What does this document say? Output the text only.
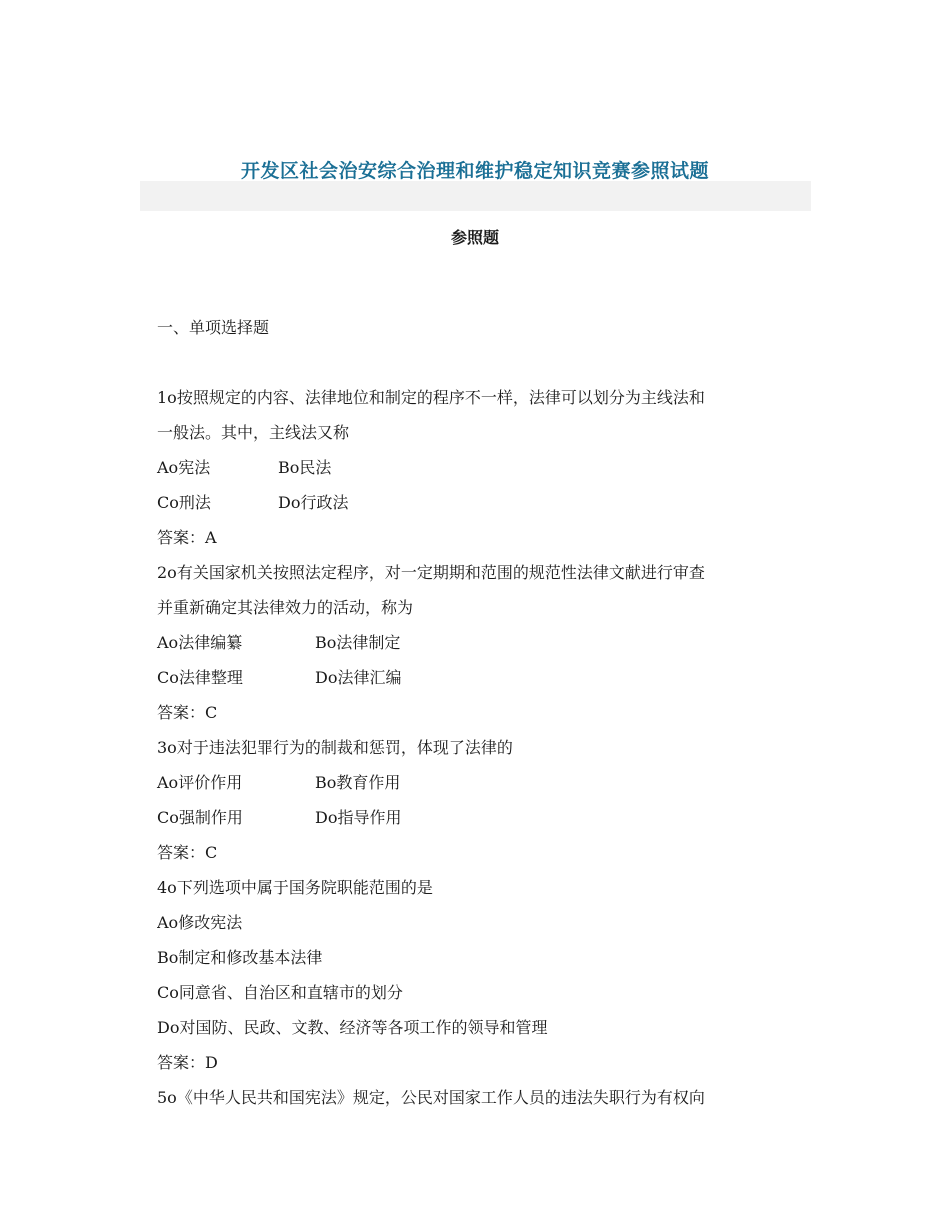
开发区社会治安综合治理和维护稳定知识竞赛参照试题
参照题
一、单项选择题
1o按照规定的内容、法律地位和制定的程序不一样，法律可以划分为主线法和
一般法。其中，主线法又称
Ao宪法	Bo民法
Co刑法	Do行政法
答案：A
2o有关国家机关按照法定程序，对一定期期和范围的规范性法律文献进行审查
并重新确定其法律效力的活动，称为
Ao法律编纂	Bo法律制定
Co法律整理	Do法律汇编
答案：C
3o对于违法犯罪行为的制裁和惩罚，体现了法律的
Ao评价作用	Bo教育作用
Co强制作用	Do指导作用
答案：C
4o下列选项中属于国务院职能范围的是
Ao修改宪法
Bo制定和修改基本法律
Co同意省、自治区和直辖市的划分
Do对国防、民政、文教、经济等各项工作的领导和管理
答案：D
5o《中华人民共和国宪法》规定，公民对国家工作人员的违法失职行为有权向
